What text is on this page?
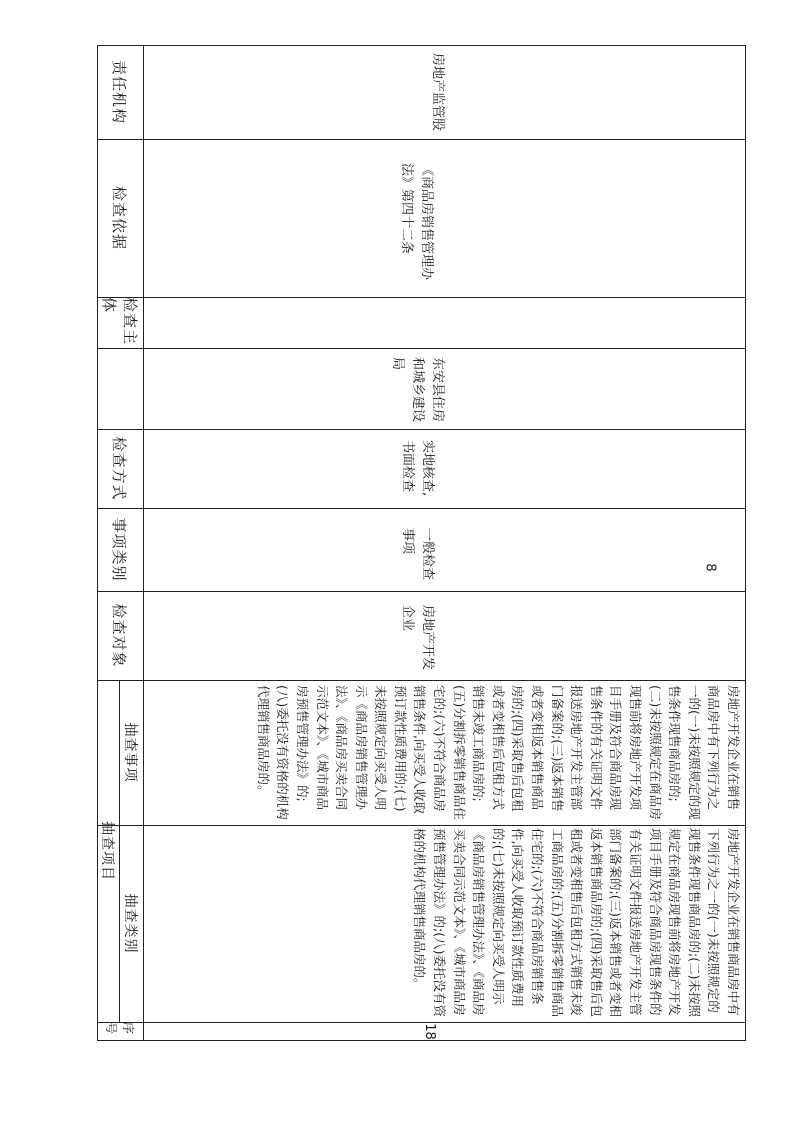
责任机构
检查依据
检查主体
检查方式
事项类别
检查对象
抽查项目
抽查事项
抽查类别
序号
房地产监管股
《商品房销售管理办法》第四十二条
东安县住房和城乡建设局
实地核查,书面检查
一般检查事项
房地产开发企业
房地产开发企业在销售商品房中有下列行为之一的(一)未按照规定的现售条件现售商品房的;(二)未按照规定在商品房现售前将房地产开发项目手册及符合商品房现售条件的有关证明文件报送房地产开发主管部门备案的;(三)返本销售或者变相返本销售商品房的;(四)采取售后包租或者变相售后包租方式销售未竣工商品房的;(五)分割拆零销售商品住宅的;(六)不符合商品房销售条件,向买受人收取预订款性质费用的;(七)未按照规定向买受人明示《商品房销售管理办法》、《商品房买卖合同示范文本》、《城市商品房预售管理办法》的;(八)委托没有资格的机构代理销售商品房的。
房地产开发企业在销售商品房中有下列行为之一的(一)未按照规定的现售条件现售商品房的;(二)未按照规定在商品房现售前将房地产开发项目手册及符合商品房现售条件的有关证明文件报送房地产开发主管部门备案的;(三)返本销售或者变相返本销售商品房的;(四)采取售后包租或者变相售后包租方式销售未竣工商品房的;(五)分割拆零销售商品住宅的;(六)不符合商品房销售条件,向买受人收取预订款性质费用的;(七)未按照规定向买受人明示《商品房销售管理办法》、《商品房买卖合同示范文本》、《城市商品房预售管理办法》的;(八)委托没有资格的机构代理销售商品房的。
18
8
